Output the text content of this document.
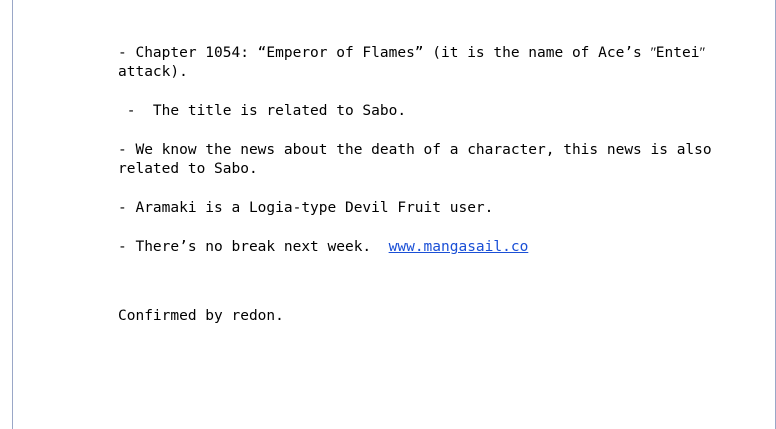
- Chapter 1054: “Emperor of Flames” (it is the name of Ace’s ʺEnteiʺ attack).

-  The title is related to Sabo.

- We know the news about the death of a character, this news is also related to Sabo.

- Aramaki is a Logia-type Devil Fruit user.

- There’s no break next week.  www.mangasail.co

Confirmed by redon.
